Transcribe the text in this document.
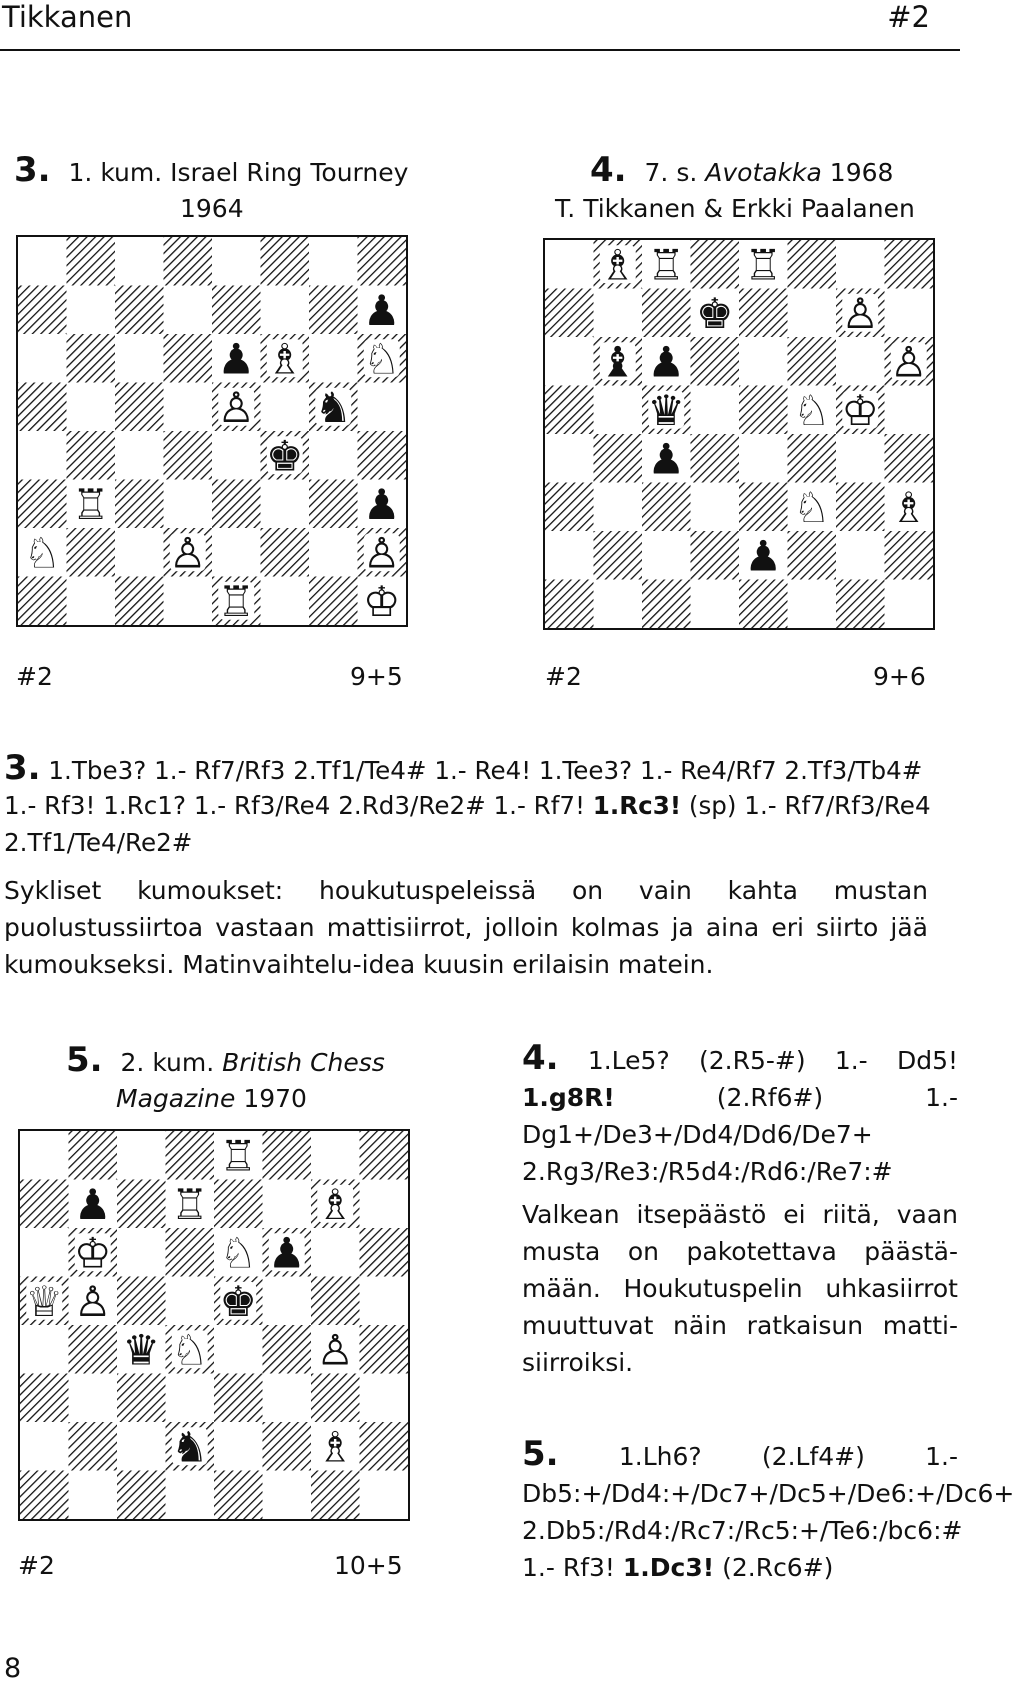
Tikkanen	#2
3. 1. kum. Israel Ring Tourney
1964
4. 7. s. Avotakka 1968
T. Tikkanen & Erkki Paalanen
♟
♟ ♗ ♘
♙ ♞
♚
♖	♟
♘	♙	♙
♖	♔
♗ ♖ ♖
♚	♙
♝ ♟	♙
♛	♘ ♔
♟
♘ ♗
♟
♖
♟ ♖	♗
♔	♘ ♟
♕ ♙	♚
♛ ♘	♙
♞	♗
#2	9+5	#2	9+6
3. 1.Tbe3? 1.- Rf7/Rf3 2.Tf1/Te4# 1.- Re4! 1.Tee3? 1.- Re4/Rf7 2.Tf3/Tb4#
1.- Rf3! 1.Rc1? 1.- Rf3/Re4 2.Rd3/Re2# 1.- Rf7! 1.Rc3! (sp) 1.- Rf7/Rf3/Re4
2.Tf1/Te4/Re2#
Sykliset kumoukset: houkutuspeleissä on vain kahta mustan puolustussiirtoa vastaan mattisiirrot, jolloin kolmas ja aina eri siirto jää kumoukseksi. Matinvaihtelu-idea kuusin erilaisin matein.
5. 2. kum. British Chess
Magazine 1970
#2	10+5
4. 1.Le5? (2.R5-#) 1.- Dd5! 1.g8R! (2.Rf6#) 1.- Dg1+/De3+/Dd4/Dd6/De7+ 2.Rg3/Re3:/R5d4:/Rd6:/Re7:#
Valkean itsepäästö ei riitä, vaan musta on pakotettava päästämään. Houkutuspelin uhkasiirrot muuttuvat näin ratkaisun mattisiirroiksi.
5. 1.Lh6? (2.Lf4#) 1.- Db5:+/Dd4:+/Dc7+/Dc5+/De6:+/Dc6+ 2.Db5:/Rd4:/Rc7:/Rc5:+/Te6:/bc6:# 1.- Rf3! 1.Dc3! (2.Rc6#)
8
